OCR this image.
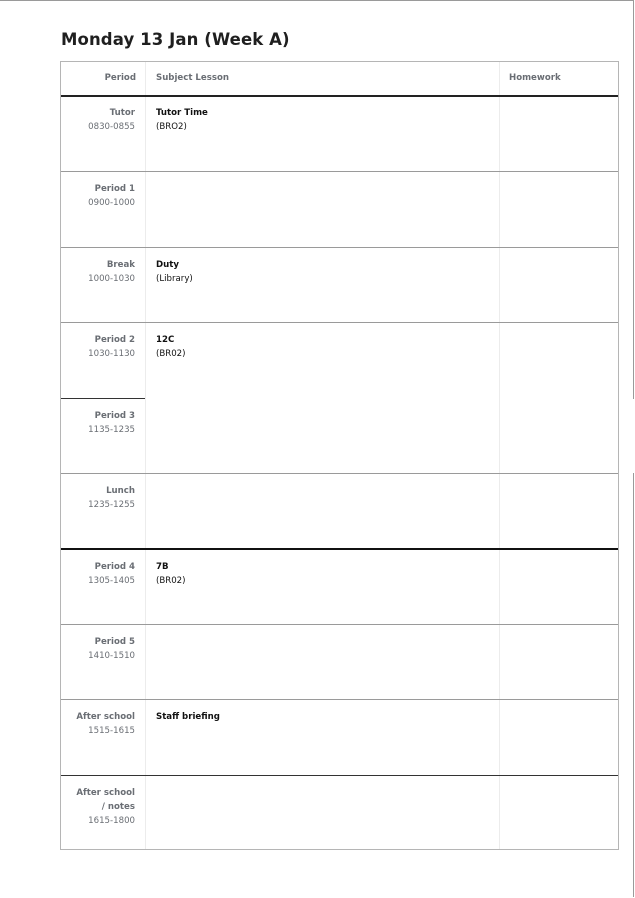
Monday 13 Jan (Week A)
Period Subject Lesson	Homework
Tutor
0830-0855
Tutor Time
(BRO2)
Period 1
0900-1000
Break
1000-1030
Duty
(Library)
Period 2
1030-1130
12C
(BR02)
Period 3
1135-1235
Lunch
1235-1255
Period 4
1305-1405
7B
(BR02)
Period 5
1410-1510
After school
1515-1615
Staff briefing
After school
/ notes
1615-1800
